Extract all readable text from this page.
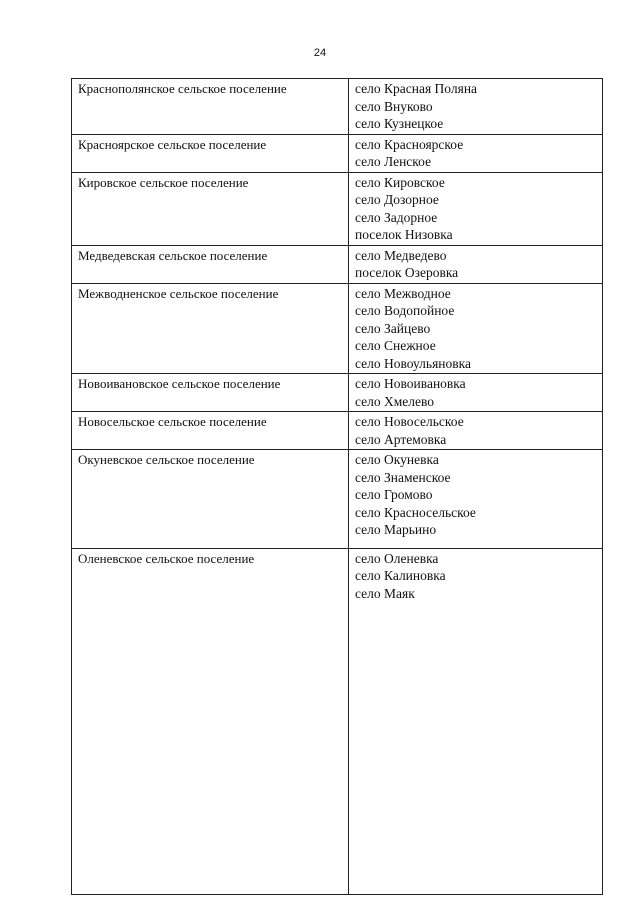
24
Краснополянское сельское поселение	село Красная Поляна
село Внуково
село Кузнецкое

Красноярское сельское поселение	село Красноярское
село Ленское

Кировское сельское поселение	село Кировское
село Дозорное
село Задорное
поселок Низовка

Медведевская сельское поселение	село Медведево
поселок Озеровка

Межводненское сельское поселение	село Межводное
село Водопойное
село Зайцево
село Снежное
село Новоульяновка

Новоивановское сельское поселение	село Новоивановка
село Хмелево

Новосельское сельское поселение	село Новосельское
село Артемовка

Окуневское сельское поселение	село Окуневка
село Знаменское
село Громово
село Красносельское
село Марьино

Оленевское сельское поселение	село Оленевка
село Калиновка
село Маяк
